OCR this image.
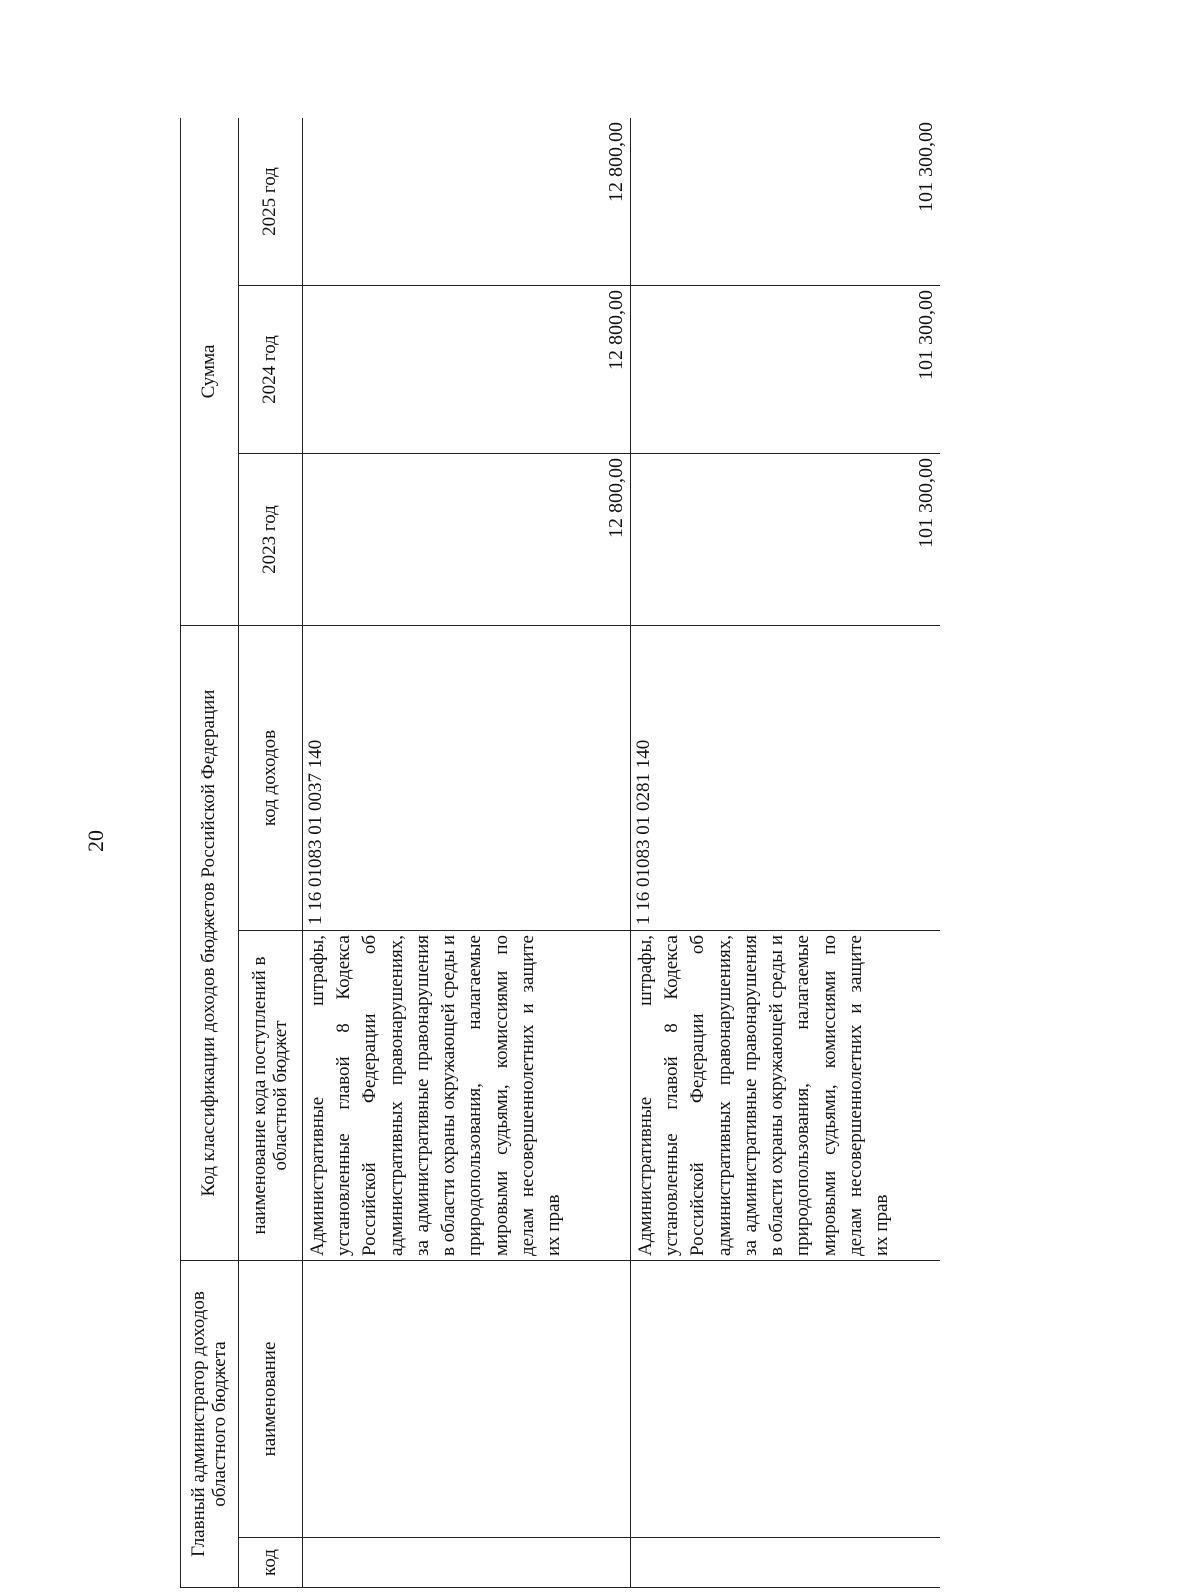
20
Главный администратор доходов областного бюджета		Код классификации доходов бюджетов Российской Федерации		Сумма		
код	наименование	наименование кода поступлений в областной бюджет	код доходов	2023 год	2024 год	2025 год
		Административные штрафы, установленные главой 8 Кодекса Российской Федерации об административных правонарушениях, за административные правонарушения в области охраны окружающей среды и природопользования, налагаемые мировыми судьями, комиссиями по делам несовершеннолетних и защите их прав	1 16 01083 01 0037 140	12 800,00	12 800,00	12 800,00
		Административные штрафы, установленные главой 8 Кодекса Российской Федерации об административных правонарушениях, за административные правонарушения в области охраны окружающей среды и природопользования, налагаемые мировыми судьями, комиссиями по делам несовершеннолетних и защите их прав	1 16 01083 01 0281 140	101 300,00	101 300,00	101 300,00
